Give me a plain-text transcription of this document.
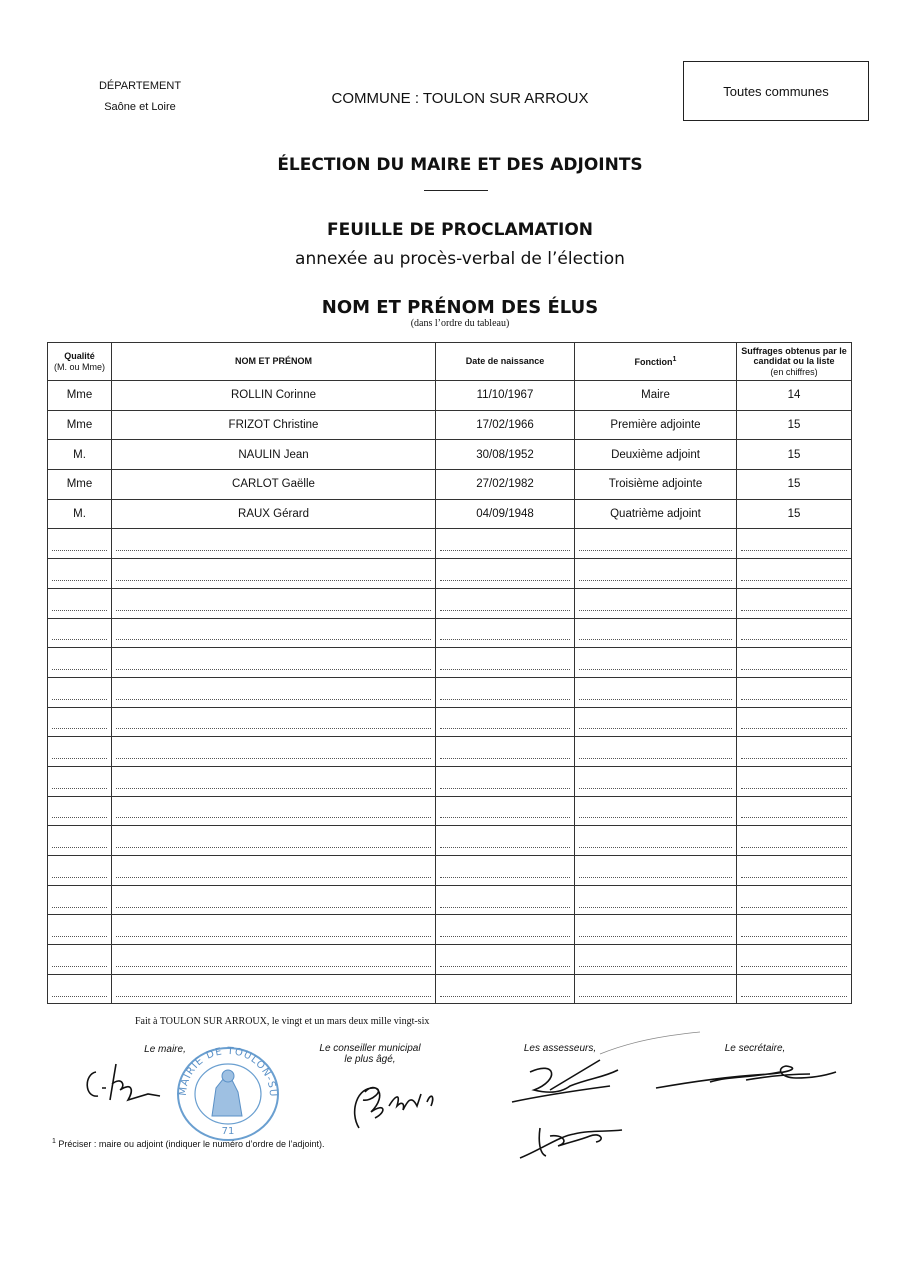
DÉPARTEMENT
Saône et Loire	COMMUNE : TOULON SUR ARROUX	Toutes communes
ÉLECTION DU MAIRE ET DES ADJOINTS
FEUILLE DE PROCLAMATION
annexée au procès-verbal de l’élection
NOM ET PRÉNOM DES ÉLUS
(dans l’ordre du tableau)
Qualité
(M. ou Mme)	NOM ET PRÉNOM	Date de naissance	Fonction$^1$	Suffrages obtenus par le candidat ou la liste
(en chiffres)
Mme	ROLLIN Corinne	11/10/1967	Maire	14
Mme	FRIZOT Christine	17/02/1966	Première adjointe	15
M.	NAULIN Jean	30/08/1952	Deuxième adjoint	15
Mme	CARLOT Gaëlle	27/02/1982	Troisième adjointe	15
M.	RAUX Gérard	04/09/1948	Quatrième adjoint	15

Fait à TOULON SUR ARROUX, le vingt et un mars deux mille vingt-six
Le maire,	Le conseiller municipal
le plus âgé,
Les assesseurs,	Le secrétaire,
MAIRIE DE TOULON-SUR-ARROUX
71
$^1$ Préciser : maire ou adjoint (indiquer le numéro d’ordre de l’adjoint).
